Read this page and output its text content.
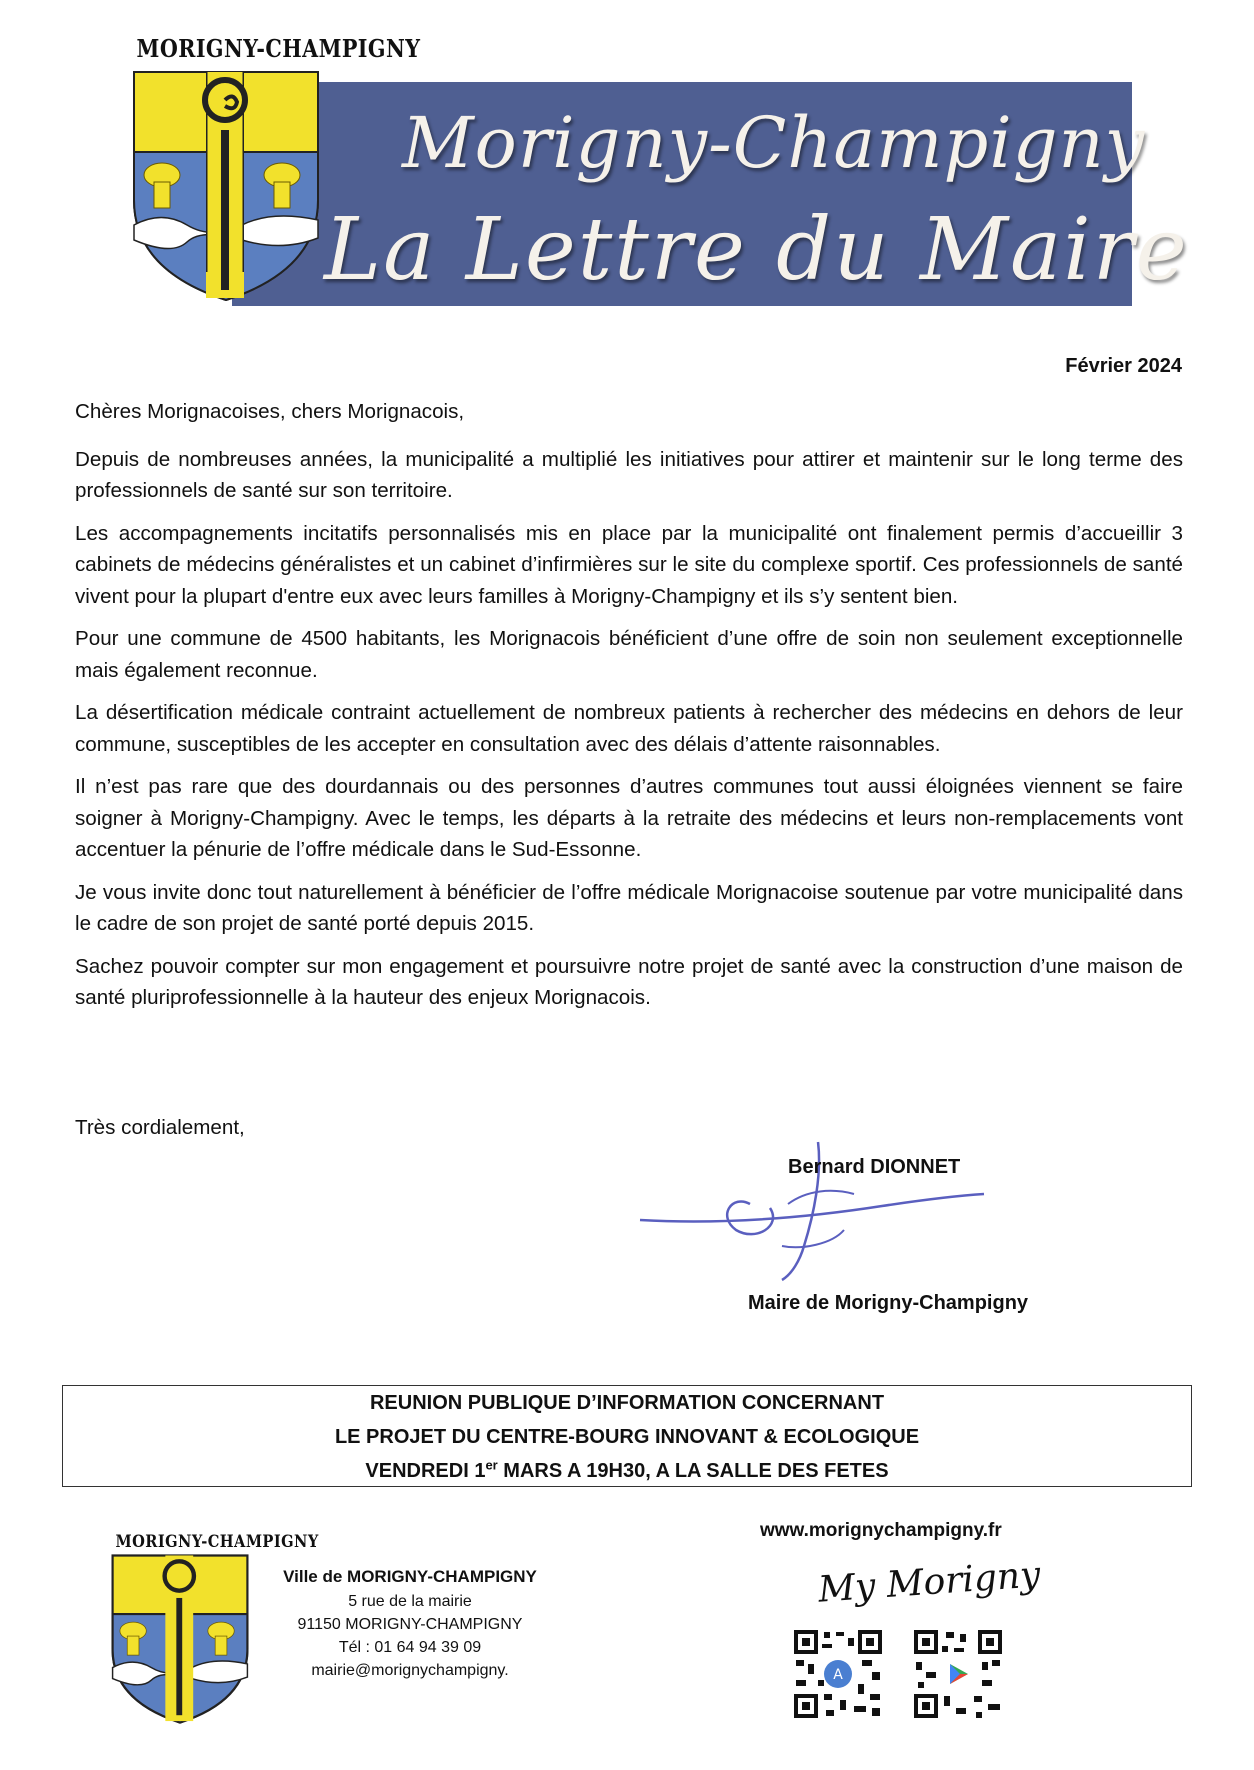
Morigny-Champigny
La Lettre du Maire
MORIGNY-CHAMPIGNY
Février 2024

Chères Morignacoises, chers Morignacois,

Depuis de nombreuses années, la municipalité a multiplié les initiatives pour attirer et maintenir sur le long terme des professionnels de santé sur son territoire.

Les accompagnements incitatifs personnalisés mis en place par la municipalité ont finalement permis d’accueillir 3 cabinets de médecins généralistes et un cabinet d’infirmières sur le site du complexe sportif. Ces professionnels de santé vivent pour la plupart d'entre eux avec leurs familles à Morigny-Champigny et ils s’y sentent bien.

Pour une commune de 4500 habitants, les Morignacois bénéficient d’une offre de soin non seulement exceptionnelle mais également reconnue.

La désertification médicale contraint actuellement de nombreux patients à rechercher des médecins en dehors de leur commune, susceptibles de les accepter en consultation avec des délais d’attente raisonnables.

Il n’est pas rare que des dourdannais ou des personnes d’autres communes tout aussi éloignées viennent se faire soigner à Morigny-Champigny. Avec le temps, les départs à la retraite des médecins et leurs non-remplacements vont accentuer la pénurie de l’offre médicale dans le Sud-Essonne.

Je vous invite donc tout naturellement à bénéficier de l’offre médicale Morignacoise soutenue par votre municipalité dans le cadre de son projet de santé porté depuis 2015.

Sachez pouvoir compter sur mon engagement et poursuivre notre projet de santé avec la construction d’une maison de santé pluriprofessionnelle à la hauteur des enjeux Morignacois.

Très cordialement,
Bernard DIONNET
Maire de Morigny-Champigny
REUNION PUBLIQUE D’INFORMATION CONCERNANT
LE PROJET DU CENTRE-BOURG INNOVANT & ECOLOGIQUE
VENDREDI 1er MARS A 19H30, A LA SALLE DES FETES
MORIGNY-CHAMPIGNY
Ville de MORIGNY-CHAMPIGNY
5 rue de la mairie
91150 MORIGNY-CHAMPIGNY
Tél : 01 64 94 39 09
mairie@morignychampigny.
www.morignychampigny.fr
My Morigny
A
